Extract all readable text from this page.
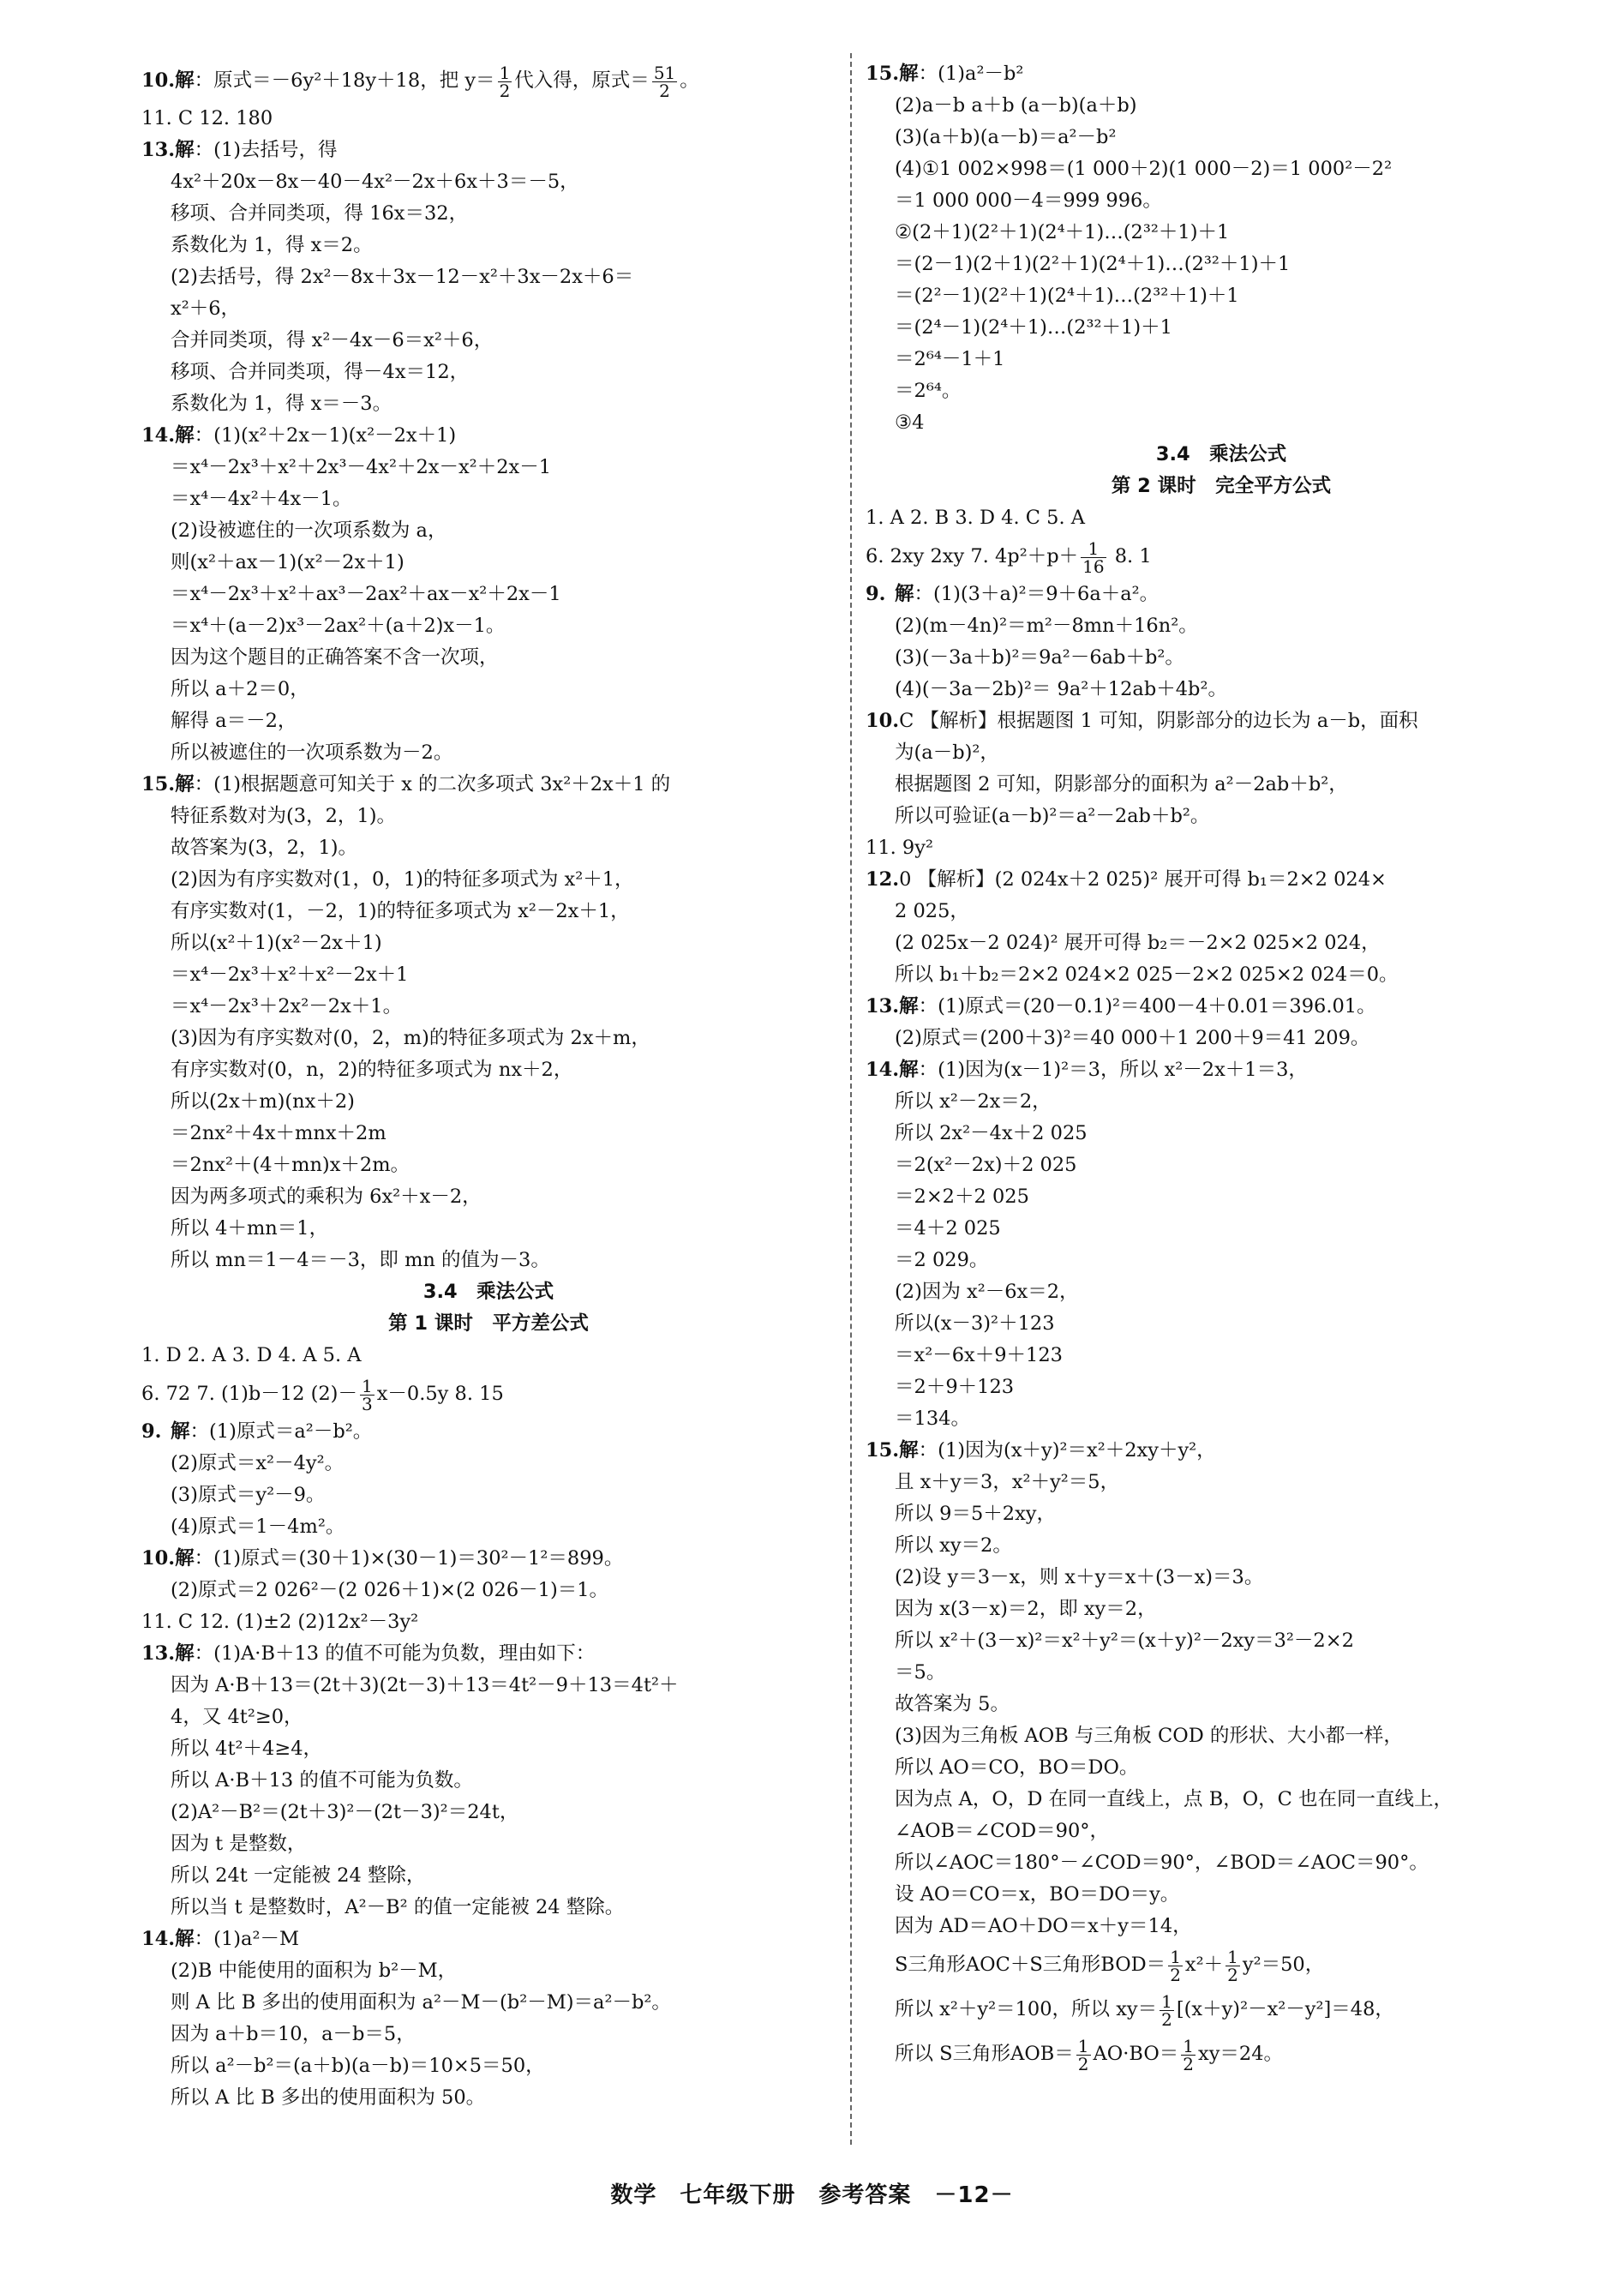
10.解：原式＝－6y²＋18y＋18，把 $y= \frac{1}{2}$ 代入得，原式＝ $\frac{51}{2}$ 。
11. C 12. 180
13.解：(1)去括号，得
4x²＋20x－8x－40－4x²－2x＋6x＋3＝－5，
移项、合并同类项，得 16x＝32，
系数化为 1，得 x＝2。
(2)去括号，得 2x²－8x＋3x－12－x²＋3x－2x＋6＝
x²＋6，
合并同类项，得 x²－4x－6＝x²＋6，
移项、合并同类项，得－4x＝12，
系数化为 1，得 x＝－3。
14.解：(1)(x²＋2x－1)(x²－2x＋1)
＝x⁴－2x³＋x²＋2x³－4x²＋2x－x²＋2x－1
＝x⁴－4x²＋4x－1。
(2)设被遮住的一次项系数为 a，
则(x²＋ax－1)(x²－2x＋1)
＝x⁴－2x³＋x²＋ax³－2ax²＋ax－x²＋2x－1
＝x⁴＋(a－2)x³－2ax²＋(a＋2)x－1。
因为这个题目的正确答案不含一次项，
所以 a＋2＝0，
解得 a＝－2，
所以被遮住的一次项系数为－2。
15.解：(1)根据题意可知关于 x 的二次多项式 3x²＋2x＋1 的
特征系数对为(3，2，1)。
故答案为(3，2，1)。
(2)因为有序实数对(1，0，1)的特征多项式为 x²＋1，
有序实数对(1，－2，1)的特征多项式为 x²－2x＋1，
所以(x²＋1)(x²－2x＋1)
＝x⁴－2x³＋x²＋x²－2x＋1
＝x⁴－2x³＋2x²－2x＋1。
(3)因为有序实数对(0，2，m)的特征多项式为 2x＋m，
有序实数对(0，n，2)的特征多项式为 nx＋2，
所以(2x＋m)(nx＋2)
＝2nx²＋4x＋mnx＋2m
＝2nx²＋(4＋mn)x＋2m。
因为两多项式的乘积为 6x²＋x－2，
所以 4＋mn＝1，
所以 mn＝1－4＝－3，即 mn 的值为－3。
3.4　乘法公式
第 1 课时　平方差公式
1. D 2. A 3. D 4. A 5. A
6. 72 7. (1)b－12 $(2)- \frac{1}{3} x-0.5y$ 8. 15
9. 解：(1)原式＝a²－b²。
(2)原式＝x²－4y²。
(3)原式＝y²－9。
(4)原式＝1－4m²。
10.解：(1)原式＝(30＋1)×(30－1)＝30²－1²＝899。
(2)原式＝2 026²－(2 026＋1)×(2 026－1)＝1。
11. C 12. (1)±2 (2)12x²－3y²
13.解：(1)A·B＋13 的值不可能为负数，理由如下：
因为 A·B＋13＝(2t＋3)(2t－3)＋13＝4t²－9＋13＝4t²＋
4，又 4t²≥0，
所以 4t²＋4≥4，
所以 A·B＋13 的值不可能为负数。
(2)A²－B²＝(2t＋3)²－(2t－3)²＝24t，
因为 t 是整数，
所以 24t 一定能被 24 整除，
所以当 t 是整数时，A²－B² 的值一定能被 24 整除。
14.解：(1)a²－M
(2)B 中能使用的面积为 b²－M，
则 A 比 B 多出的使用面积为 a²－M－(b²－M)＝a²－b²。
因为 a＋b＝10，a－b＝5，
所以 a²－b²＝(a＋b)(a－b)＝10×5＝50，
所以 A 比 B 多出的使用面积为 50。
15.解：(1)a²－b²
(2)a－b a＋b (a－b)(a＋b)
(3)(a＋b)(a－b)＝a²－b²
(4)①1 002×998＝(1 000＋2)(1 000－2)＝1 000²－2²
＝1 000 000－4＝999 996。
②(2＋1)(2²＋1)(2⁴＋1)…(2³²＋1)＋1
＝(2－1)(2＋1)(2²＋1)(2⁴＋1)…(2³²＋1)＋1
＝(2²－1)(2²＋1)(2⁴＋1)…(2³²＋1)＋1
＝(2⁴－1)(2⁴＋1)…(2³²＋1)＋1
＝2⁶⁴－1＋1
＝2⁶⁴。
③4
3.4　乘法公式
第 2 课时　完全平方公式
1. A 2. B 3. D 4. C 5. A
6. 2xy 2xy 7. $4p^2+p+ \frac{1}{16} 8$. 1
9. 解：(1)(3＋a)²＝9＋6a＋a²。
(2)(m－4n)²＝m²－8mn＋16n²。
(3)(－3a＋b)²＝9a²－6ab＋b²。
(4)(－3a－2b)²＝ 9a²＋12ab＋4b²。
10.C 【解析】根据题图 1 可知，阴影部分的边长为 a－b，面积
为(a－b)²，
根据题图 2 可知，阴影部分的面积为 a²－2ab＋b²，
所以可验证(a－b)²＝a²－2ab＋b²。
11. 9y²
12.0 【解析】(2 024x＋2 025)² 展开可得 b₁＝2×2 024×
2 025，
(2 025x－2 024)² 展开可得 b₂＝－2×2 025×2 024，
所以 b₁＋b₂＝2×2 024×2 025－2×2 025×2 024＝0。
13.解：(1)原式＝(20－0.1)²＝400－4＋0.01＝396.01。
(2)原式＝(200＋3)²＝40 000＋1 200＋9＝41 209。
14.解：(1)因为(x－1)²＝3，所以 x²－2x＋1＝3，
所以 x²－2x＝2，
所以 2x²－4x＋2 025
＝2(x²－2x)＋2 025
＝2×2＋2 025
＝4＋2 025
＝2 029。
(2)因为 x²－6x＝2，
所以(x－3)²＋123
＝x²－6x＋9＋123
＝2＋9＋123
＝134。
15.解：(1)因为(x＋y)²＝x²＋2xy＋y²，
且 x＋y＝3，x²＋y²＝5，
所以 9＝5＋2xy，
所以 xy＝2。
(2)设 y＝3－x，则 x＋y＝x＋(3－x)＝3。
因为 x(3－x)＝2，即 xy＝2，
所以 x²＋(3－x)²＝x²＋y²＝(x＋y)²－2xy＝3²－2×2
＝5。
故答案为 5。
(3)因为三角板 AOB 与三角板 COD 的形状、大小都一样，
所以 AO＝CO，BO＝DO。
因为点 A，O，D 在同一直线上，点 B，O，C 也在同一直线上，
∠AOB＝∠COD＝90°，
所以∠AOC＝180°－∠COD＝90°，∠BOD＝∠AOC＝90°。
设 AO＝CO＝x，BO＝DO＝y。
因为 AD＝AO＋DO＝x＋y＝14，
S三角形AOC＋S三角形$BOD= \frac{1}{2} x^2+ \frac{1}{2} y^2=50$，
所以 x²＋y²＝100，所以 $xy= \frac{1}{2} [(x+y)^2-x^2-y^2]=48$，
所以 S三角形$AOB= \frac{1}{2} AO\cdot BO= \frac{1}{2} xy=24$。
数学　七年级下册　参考答案　－12－
